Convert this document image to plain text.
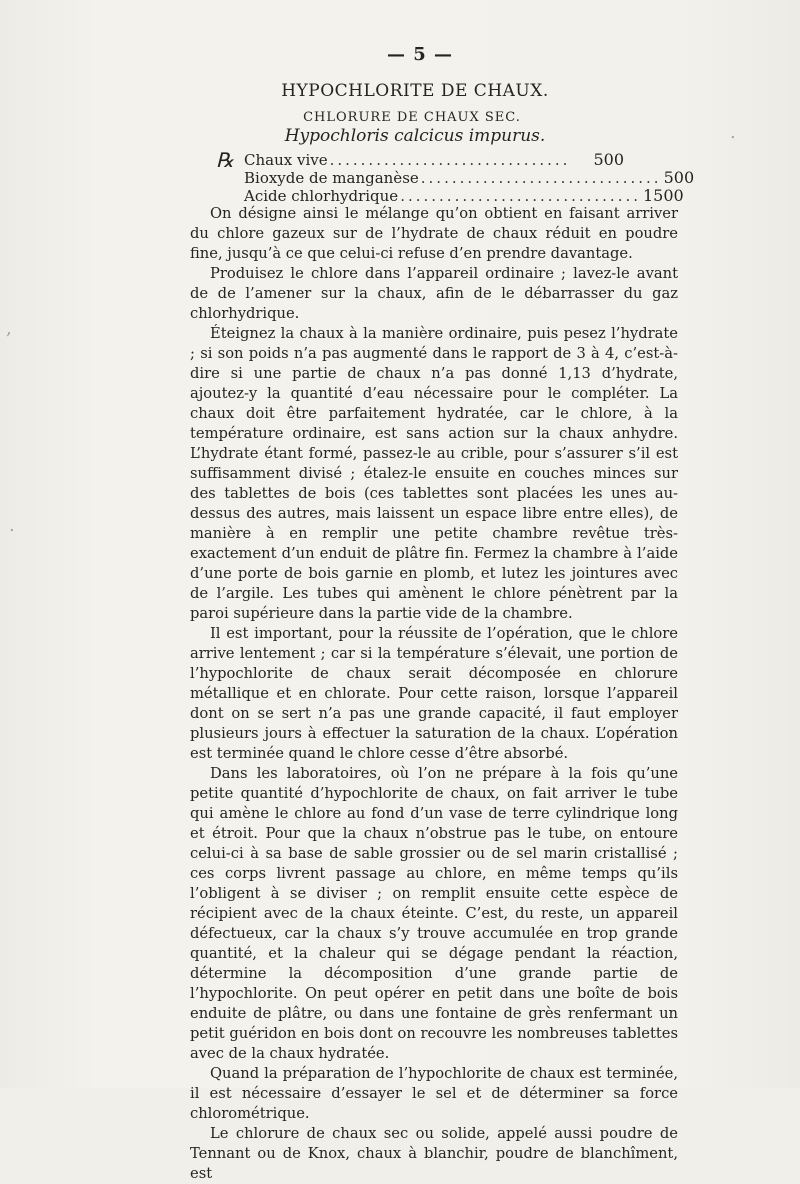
— 5 —
HYPOCHLORITE DE CHAUX.
CHLORURE DE CHAUX SEC.
Hypochloris calcicus impurus.
℞ Chaux vive ...............................	500
Bioxyde de manganèse ............................... 500
Acide chlorhydrique ............................... 1500

On désigne ainsi le mélange qu’on obtient en faisant arriver du chlore gazeux sur de l’hydrate de chaux réduit en poudre fine, jusqu’à ce que celui-ci refuse d’en prendre davantage.

Produisez le chlore dans l’appareil ordinaire ; lavez-le avant de de l’amener sur la chaux, afin de le débarrasser du gaz chlorhydrique.

Éteignez la chaux à la manière ordinaire, puis pesez l’hydrate ; si son poids n’a pas augmenté dans le rapport de 3 à 4, c’est-à-dire si une partie de chaux n’a pas donné 1,13 d’hydrate, ajoutez-y la quantité d’eau nécessaire pour le compléter. La chaux doit être parfaitement hydratée, car le chlore, à la température ordinaire, est sans action sur la chaux anhydre. L’hydrate étant formé, passez-le au crible, pour s’assurer s’il est suffisamment divisé ; étalez-le ensuite en couches minces sur des tablettes de bois (ces tablettes sont placées les unes au-dessus des autres, mais laissent un espace libre entre elles), de manière à en remplir une petite chambre revêtue très-exactement d’un enduit de plâtre fin. Fermez la chambre à l’aide d’une porte de bois garnie en plomb, et lutez les jointures avec de l’argile. Les tubes qui amènent le chlore pénètrent par la paroi supérieure dans la partie vide de la chambre.

Il est important, pour la réussite de l’opération, que le chlore arrive lentement ; car si la température s’élevait, une portion de l’hypochlorite de chaux serait décomposée en chlorure métallique et en chlorate. Pour cette raison, lorsque l’appareil dont on se sert n’a pas une grande capacité, il faut employer plusieurs jours à effectuer la saturation de la chaux. L’opération est terminée quand le chlore cesse d’être absorbé.

Dans les laboratoires, où l’on ne prépare à la fois qu’une petite quantité d’hypochlorite de chaux, on fait arriver le tube qui amène le chlore au fond d’un vase de terre cylindrique long et étroit. Pour que la chaux n’obstrue pas le tube, on entoure celui-ci à sa base de sable grossier ou de sel marin cristallisé ; ces corps livrent passage au chlore, en même temps qu’ils l’obligent à se diviser ; on remplit ensuite cette espèce de récipient avec de la chaux éteinte. C’est, du reste, un appareil défectueux, car la chaux s’y trouve accumulée en trop grande quantité, et la chaleur qui se dégage pendant la réaction, détermine la décomposition d’une grande partie de l’hypochlorite. On peut opérer en petit dans une boîte de bois enduite de plâtre, ou dans une fontaine de grès renfermant un petit guéridon en bois dont on recouvre les nombreuses tablettes avec de la chaux hydratée.

Quand la préparation de l’hypochlorite de chaux est terminée, il est nécessaire d’essayer le sel et de déterminer sa force chlorométrique.

Le chlorure de chaux sec ou solide, appelé aussi poudre de Tennant ou de Knox, chaux à blanchir, poudre de blanchîment, est

,
.
.
